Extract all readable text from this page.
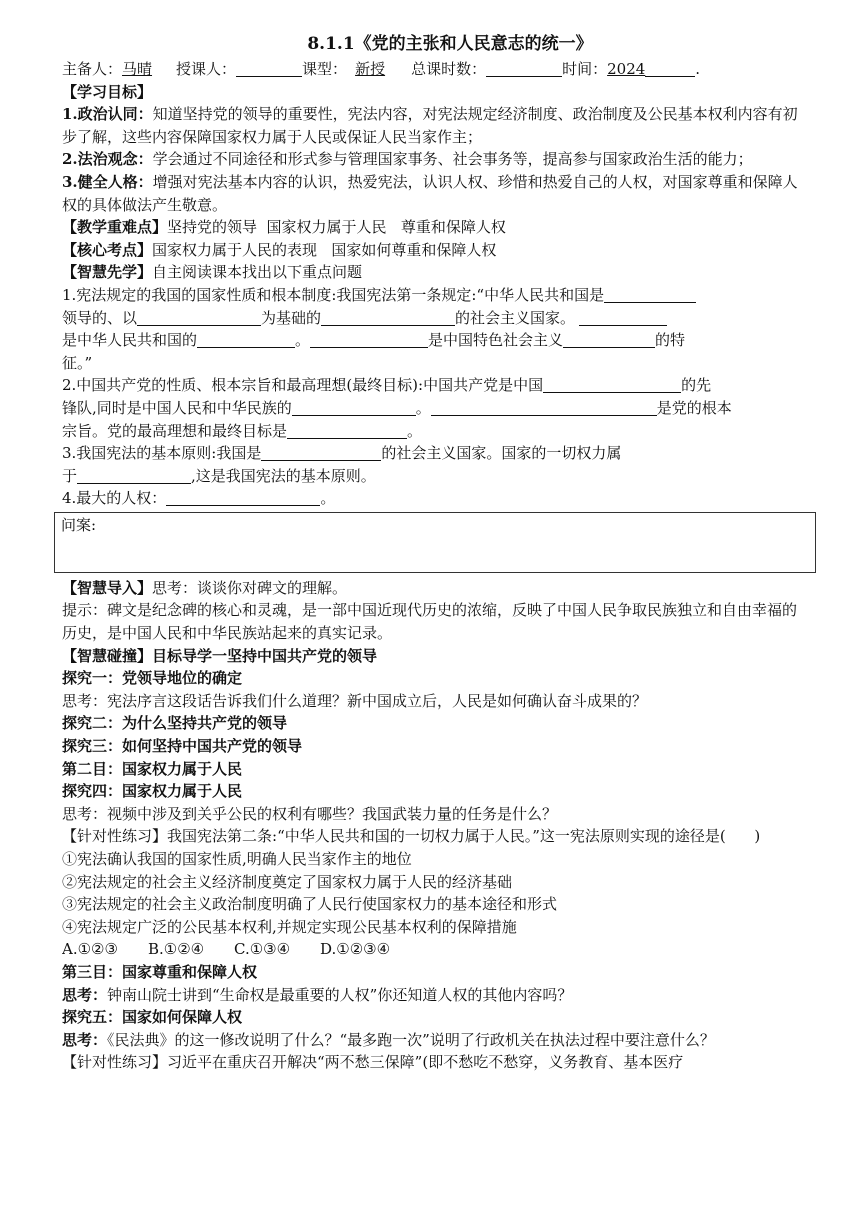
8.1.1《党的主张和人民意志的统一》
主备人：马晴 授课人：	课型： 新授 总课时数：	时间：2024	.
【学习目标】
1.政治认同：知道坚持党的领导的重要性，宪法内容，对宪法规定经济制度、政治制度及公民基本权利内容有初步了解，这些内容保障国家权力属于人民或保证人民当家作主；
2.法治观念：学会通过不同途径和形式参与管理国家事务、社会事务等，提高参与国家政治生活的能力；
3.健全人格：增强对宪法基本内容的认识，热爱宪法，认识人权、珍惜和热爱自己的人权，对国家尊重和保障人权的具体做法产生敬意。
【教学重难点】坚持党的领导  国家权力属于人民   尊重和保障人权
【核心考点】国家权力属于人民的表现   国家如何尊重和保障人权
【智慧先学】自主阅读课本找出以下重点问题
1.宪法规定的我国的国家性质和根本制度:我国宪法第一条规定:“中华人民共和国是
领导的、以	为基础的	的社会主义国家。
是中华人民共和国的	。	是中国特色社会主义	的特
征。”
2.中国共产党的性质、根本宗旨和最高理想(最终目标):中国共产党是中国	的先
锋队,同时是中国人民和中华民族的	。	是党的根本
宗旨。党的最高理想和最终目标是	。
3.我国宪法的基本原则:我国是	的社会主义国家。国家的一切权力属
于	,这是我国宪法的基本原则。
4.最大的人权：	。
问案:
【智慧导入】思考：谈谈你对碑文的理解。
提示：碑文是纪念碑的核心和灵魂，是一部中国近现代历史的浓缩，反映了中国人民争取民族独立和自由幸福的历史，是中国人民和中华民族站起来的真实记录。
【智慧碰撞】目标导学一坚持中国共产党的领导
探究一：党领导地位的确定
思考：宪法序言这段话告诉我们什么道理？新中国成立后，人民是如何确认奋斗成果的？
探究二：为什么坚持共产党的领导
探究三：如何坚持中国共产党的领导
第二目：国家权力属于人民
探究四：国家权力属于人民
思考：视频中涉及到关乎公民的权利有哪些？我国武装力量的任务是什么？
【针对性练习】我国宪法第二条:“中华人民共和国的一切权力属于人民。”这一宪法原则实现的途径是(      )
①宪法确认我国的国家性质,明确人民当家作主的地位
②宪法规定的社会主义经济制度奠定了国家权力属于人民的经济基础
③宪法规定的社会主义政治制度明确了人民行使国家权力的基本途径和形式
④宪法规定广泛的公民基本权利,并规定实现公民基本权利的保障措施
A.①②③ B.①②④ C.①③④ D.①②③④
第三目：国家尊重和保障人权
思考：钟南山院士讲到“生命权是最重要的人权”你还知道人权的其他内容吗？
探究五：国家如何保障人权
思考：《民法典》的这一修改说明了什么？“最多跑一次”说明了行政机关在执法过程中要注意什么？
【针对性练习】习近平在重庆召开解决“两不愁三保障”(即不愁吃不愁穿，义务教育、基本医疗
